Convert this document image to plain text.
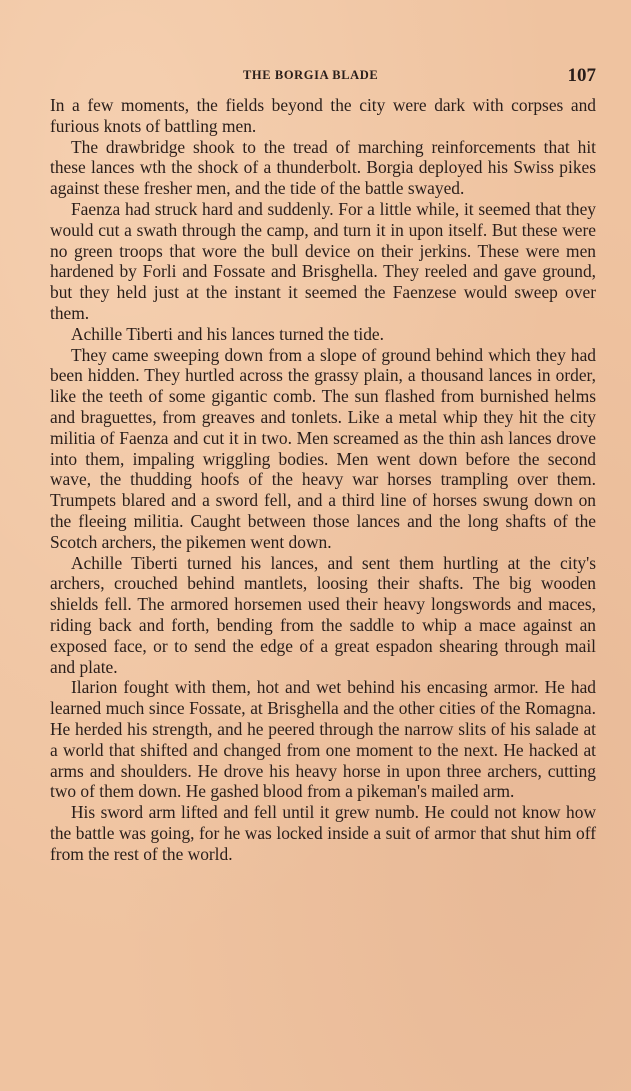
THE BORGIA BLADE	107

In a few moments, the fields beyond the city were dark with corpses and furious knots of battling men.

The drawbridge shook to the tread of marching reinforcements that hit these lances wth the shock of a thunderbolt. Borgia deployed his Swiss pikes against these fresher men, and the tide of the battle swayed.

Faenza had struck hard and suddenly. For a little while, it seemed that they would cut a swath through the camp, and turn it in upon itself. But these were no green troops that wore the bull device on their jerkins. These were men hardened by Forli and Fossate and Brisghella. They reeled and gave ground, but they held just at the instant it seemed the Faenzese would sweep over them.

Achille Tiberti and his lances turned the tide.

They came sweeping down from a slope of ground behind which they had been hidden. They hurtled across the grassy plain, a thousand lances in order, like the teeth of some gigantic comb. The sun flashed from burnished helms and braguettes, from greaves and tonlets. Like a metal whip they hit the city militia of Faenza and cut it in two. Men screamed as the thin ash lances drove into them, impaling wriggling bodies. Men went down before the second wave, the thudding hoofs of the heavy war horses trampling over them. Trumpets blared and a sword fell, and a third line of horses swung down on the fleeing militia. Caught between those lances and the long shafts of the Scotch archers, the pikemen went down.

Achille Tiberti turned his lances, and sent them hurtling at the city's archers, crouched behind mantlets, loosing their shafts. The big wooden shields fell. The armored horsemen used their heavy longswords and maces, riding back and forth, bending from the saddle to whip a mace against an exposed face, or to send the edge of a great espadon shearing through mail and plate.

Ilarion fought with them, hot and wet behind his encasing armor. He had learned much since Fossate, at Brisghella and the other cities of the Romagna. He herded his strength, and he peered through the narrow slits of his salade at a world that shifted and changed from one moment to the next. He hacked at arms and shoulders. He drove his heavy horse in upon three archers, cutting two of them down. He gashed blood from a pikeman's mailed arm.

His sword arm lifted and fell until it grew numb. He could not know how the battle was going, for he was locked inside a suit of armor that shut him off from the rest of the world.
